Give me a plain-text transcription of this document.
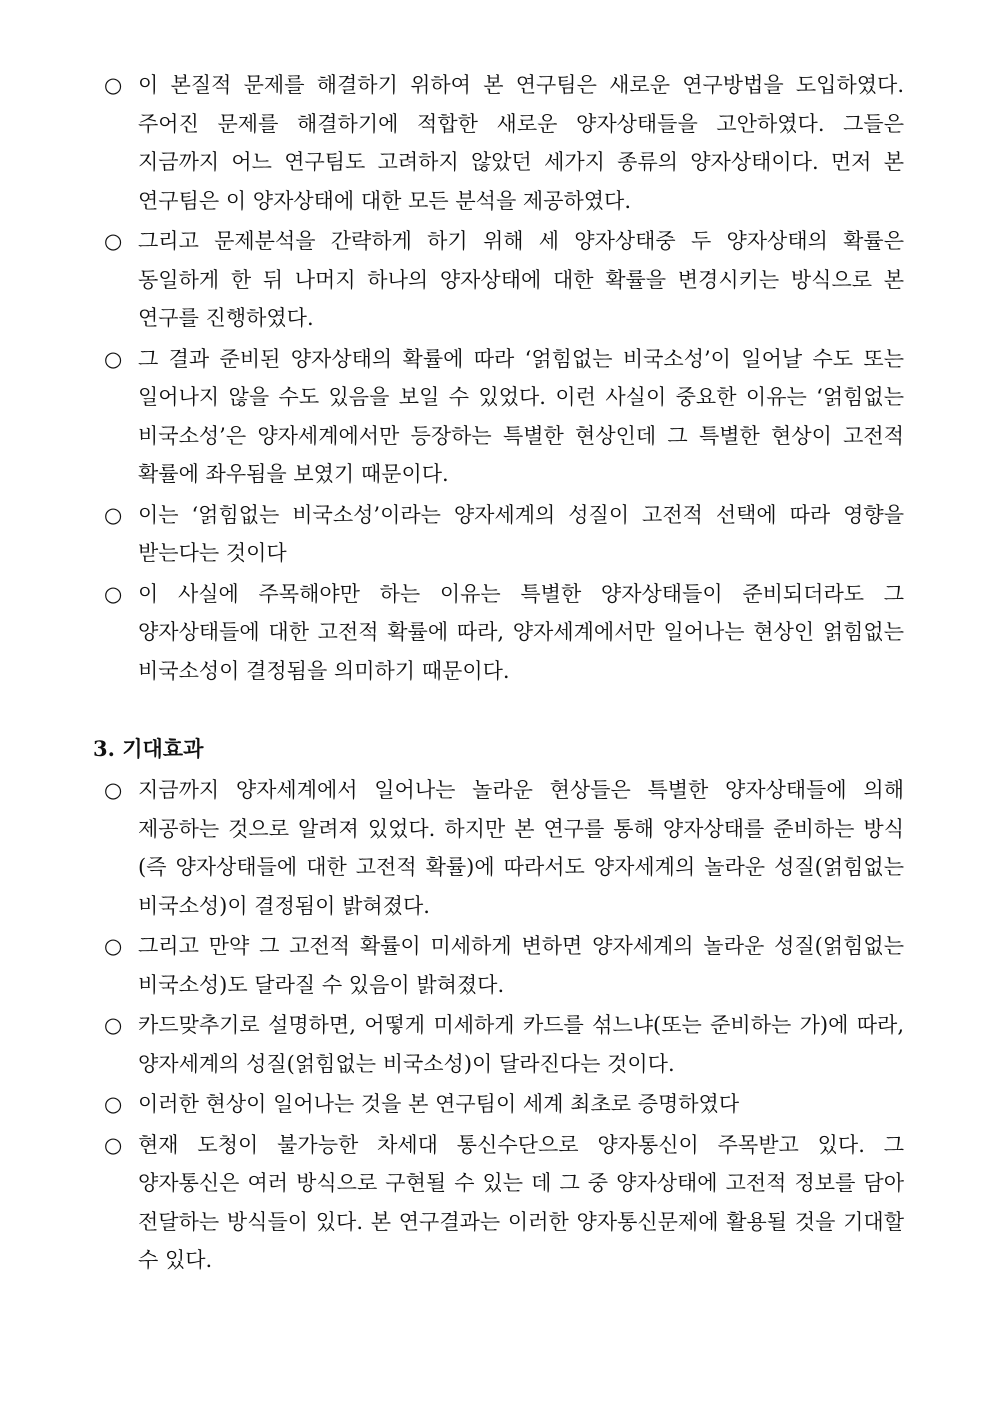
○ 이 본질적 문제를 해결하기 위하여 본 연구팀은 새로운 연구방법을 도입하였다. 주어진 문제를 해결하기에 적합한 새로운 양자상태들을 고안하였다. 그들은 지금까지 어느 연구팀도 고려하지 않았던 세가지 종류의 양자상태이다. 먼저 본 연구팀은 이 양자상태에 대한 모든 분석을 제공하였다.
○ 그리고 문제분석을 간략하게 하기 위해 세 양자상태중 두 양자상태의 확률은 동일하게 한 뒤 나머지 하나의 양자상태에 대한 확률을 변경시키는 방식으로 본 연구를 진행하였다.
○ 그 결과 준비된 양자상태의 확률에 따라 ‘얽힘없는 비국소성’이 일어날 수도 또는 일어나지 않을 수도 있음을 보일 수 있었다. 이런 사실이 중요한 이유는 ‘얽힘없는 비국소성’은 양자세계에서만 등장하는 특별한 현상인데 그 특별한 현상이 고전적 확률에 좌우됨을 보였기 때문이다.
○ 이는 ‘얽힘없는 비국소성’이라는 양자세계의 성질이 고전적 선택에 따라 영향을 받는다는 것이다
○ 이 사실에 주목해야만 하는 이유는 특별한 양자상태들이 준비되더라도 그 양자상태들에 대한 고전적 확률에 따라, 양자세계에서만 일어나는 현상인 얽힘없는 비국소성이 결정됨을 의미하기 때문이다.
3. 기대효과
○ 지금까지 양자세계에서 일어나는 놀라운 현상들은 특별한 양자상태들에 의해 제공하는 것으로 알려져 있었다. 하지만 본 연구를 통해 양자상태를 준비하는 방식(즉 양자상태들에 대한 고전적 확률)에 따라서도 양자세계의 놀라운 성질(얽힘없는 비국소성)이 결정됨이 밝혀졌다.
○ 그리고 만약 그 고전적 확률이 미세하게 변하면 양자세계의 놀라운 성질(얽힘없는 비국소성)도 달라질 수 있음이 밝혀졌다.
○ 카드맞추기로 설명하면, 어떻게 미세하게 카드를 섞느냐(또는 준비하는 가)에 따라, 양자세계의 성질(얽힘없는 비국소성)이 달라진다는 것이다.
○ 이러한 현상이 일어나는 것을 본 연구팀이 세계 최초로 증명하였다
○ 현재 도청이 불가능한 차세대 통신수단으로 양자통신이 주목받고 있다. 그 양자통신은 여러 방식으로 구현될 수 있는 데 그 중 양자상태에 고전적 정보를 담아 전달하는 방식들이 있다. 본 연구결과는 이러한 양자통신문제에 활용될 것을 기대할 수 있다.
